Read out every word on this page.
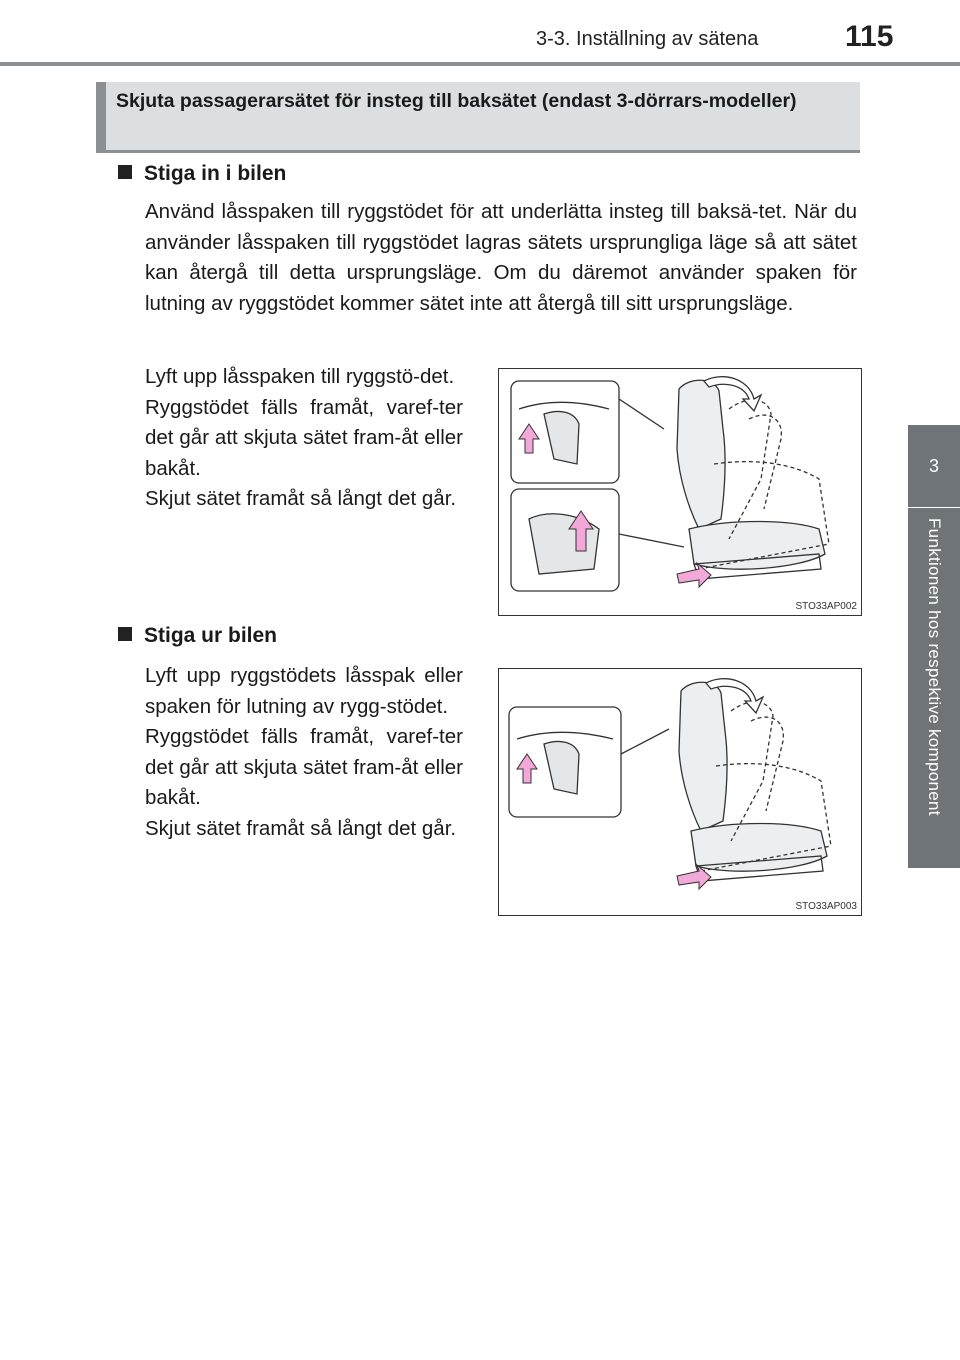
3-3. Inställning av sätena	115
3
Funktionen hos respektive komponent
Skjuta passagerarsätet för insteg till baksätet (endast 3-dörrars-modeller)
Stiga in i bilen
Använd låsspaken till ryggstödet för att underlätta insteg till baksä-tet. När du använder låsspaken till ryggstödet lagras sätets ursprungliga läge så att sätet kan återgå till detta ursprungsläge. Om du däremot använder spaken för lutning av ryggstödet kommer sätet inte att återgå till sitt ursprungsläge.

Lyft upp låsspaken till ryggstö-det.

Ryggstödet fälls framåt, varef-ter det går att skjuta sätet fram-åt eller bakåt.

Skjut sätet framåt så långt det går.

STO33AP002
Stiga ur bilen

Lyft upp ryggstödets låsspak eller spaken för lutning av rygg-stödet.

Ryggstödet fälls framåt, varef-ter det går att skjuta sätet fram-åt eller bakåt.

Skjut sätet framåt så långt det går.

STO33AP003
